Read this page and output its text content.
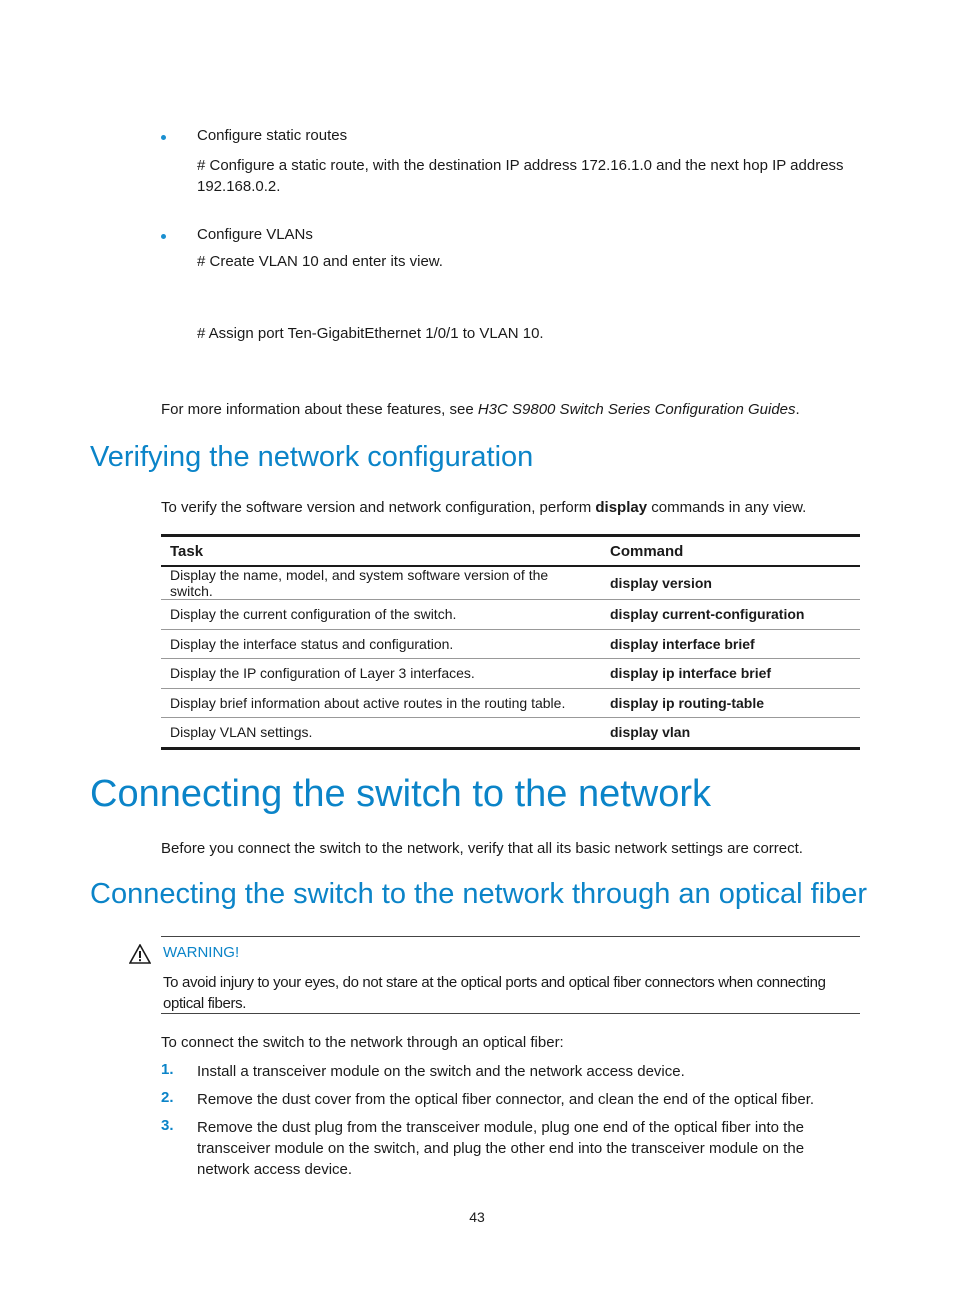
Configure static routes
# Configure a static route, with the destination IP address 172.16.1.0 and the next hop IP address 192.168.0.2.
Configure VLANs
# Create VLAN 10 and enter its view.
# Assign port Ten-GigabitEthernet 1/0/1 to VLAN 10.
For more information about these features, see H3C S9800 Switch Series Configuration Guides.
Verifying the network configuration
To verify the software version and network configuration, perform display commands in any view.
Task	Command
Display the name, model, and system software version of the switch.	display version
Display the current configuration of the switch.	display current-configuration
Display the interface status and configuration.	display interface brief
Display the IP configuration of Layer 3 interfaces.	display ip interface brief
Display brief information about active routes in the routing table.	display ip routing-table
Display VLAN settings.	display vlan
Connecting the switch to the network
Before you connect the switch to the network, verify that all its basic network settings are correct.
Connecting the switch to the network through an optical fiber
WARNING!
To avoid injury to your eyes, do not stare at the optical ports and optical fiber connectors when connecting optical fibers.
To connect the switch to the network through an optical fiber:
1. Install a transceiver module on the switch and the network access device.
2. Remove the dust cover from the optical fiber connector, and clean the end of the optical fiber.
3. Remove the dust plug from the transceiver module, plug one end of the optical fiber into the transceiver module on the switch, and plug the other end into the transceiver module on the network access device.
43
